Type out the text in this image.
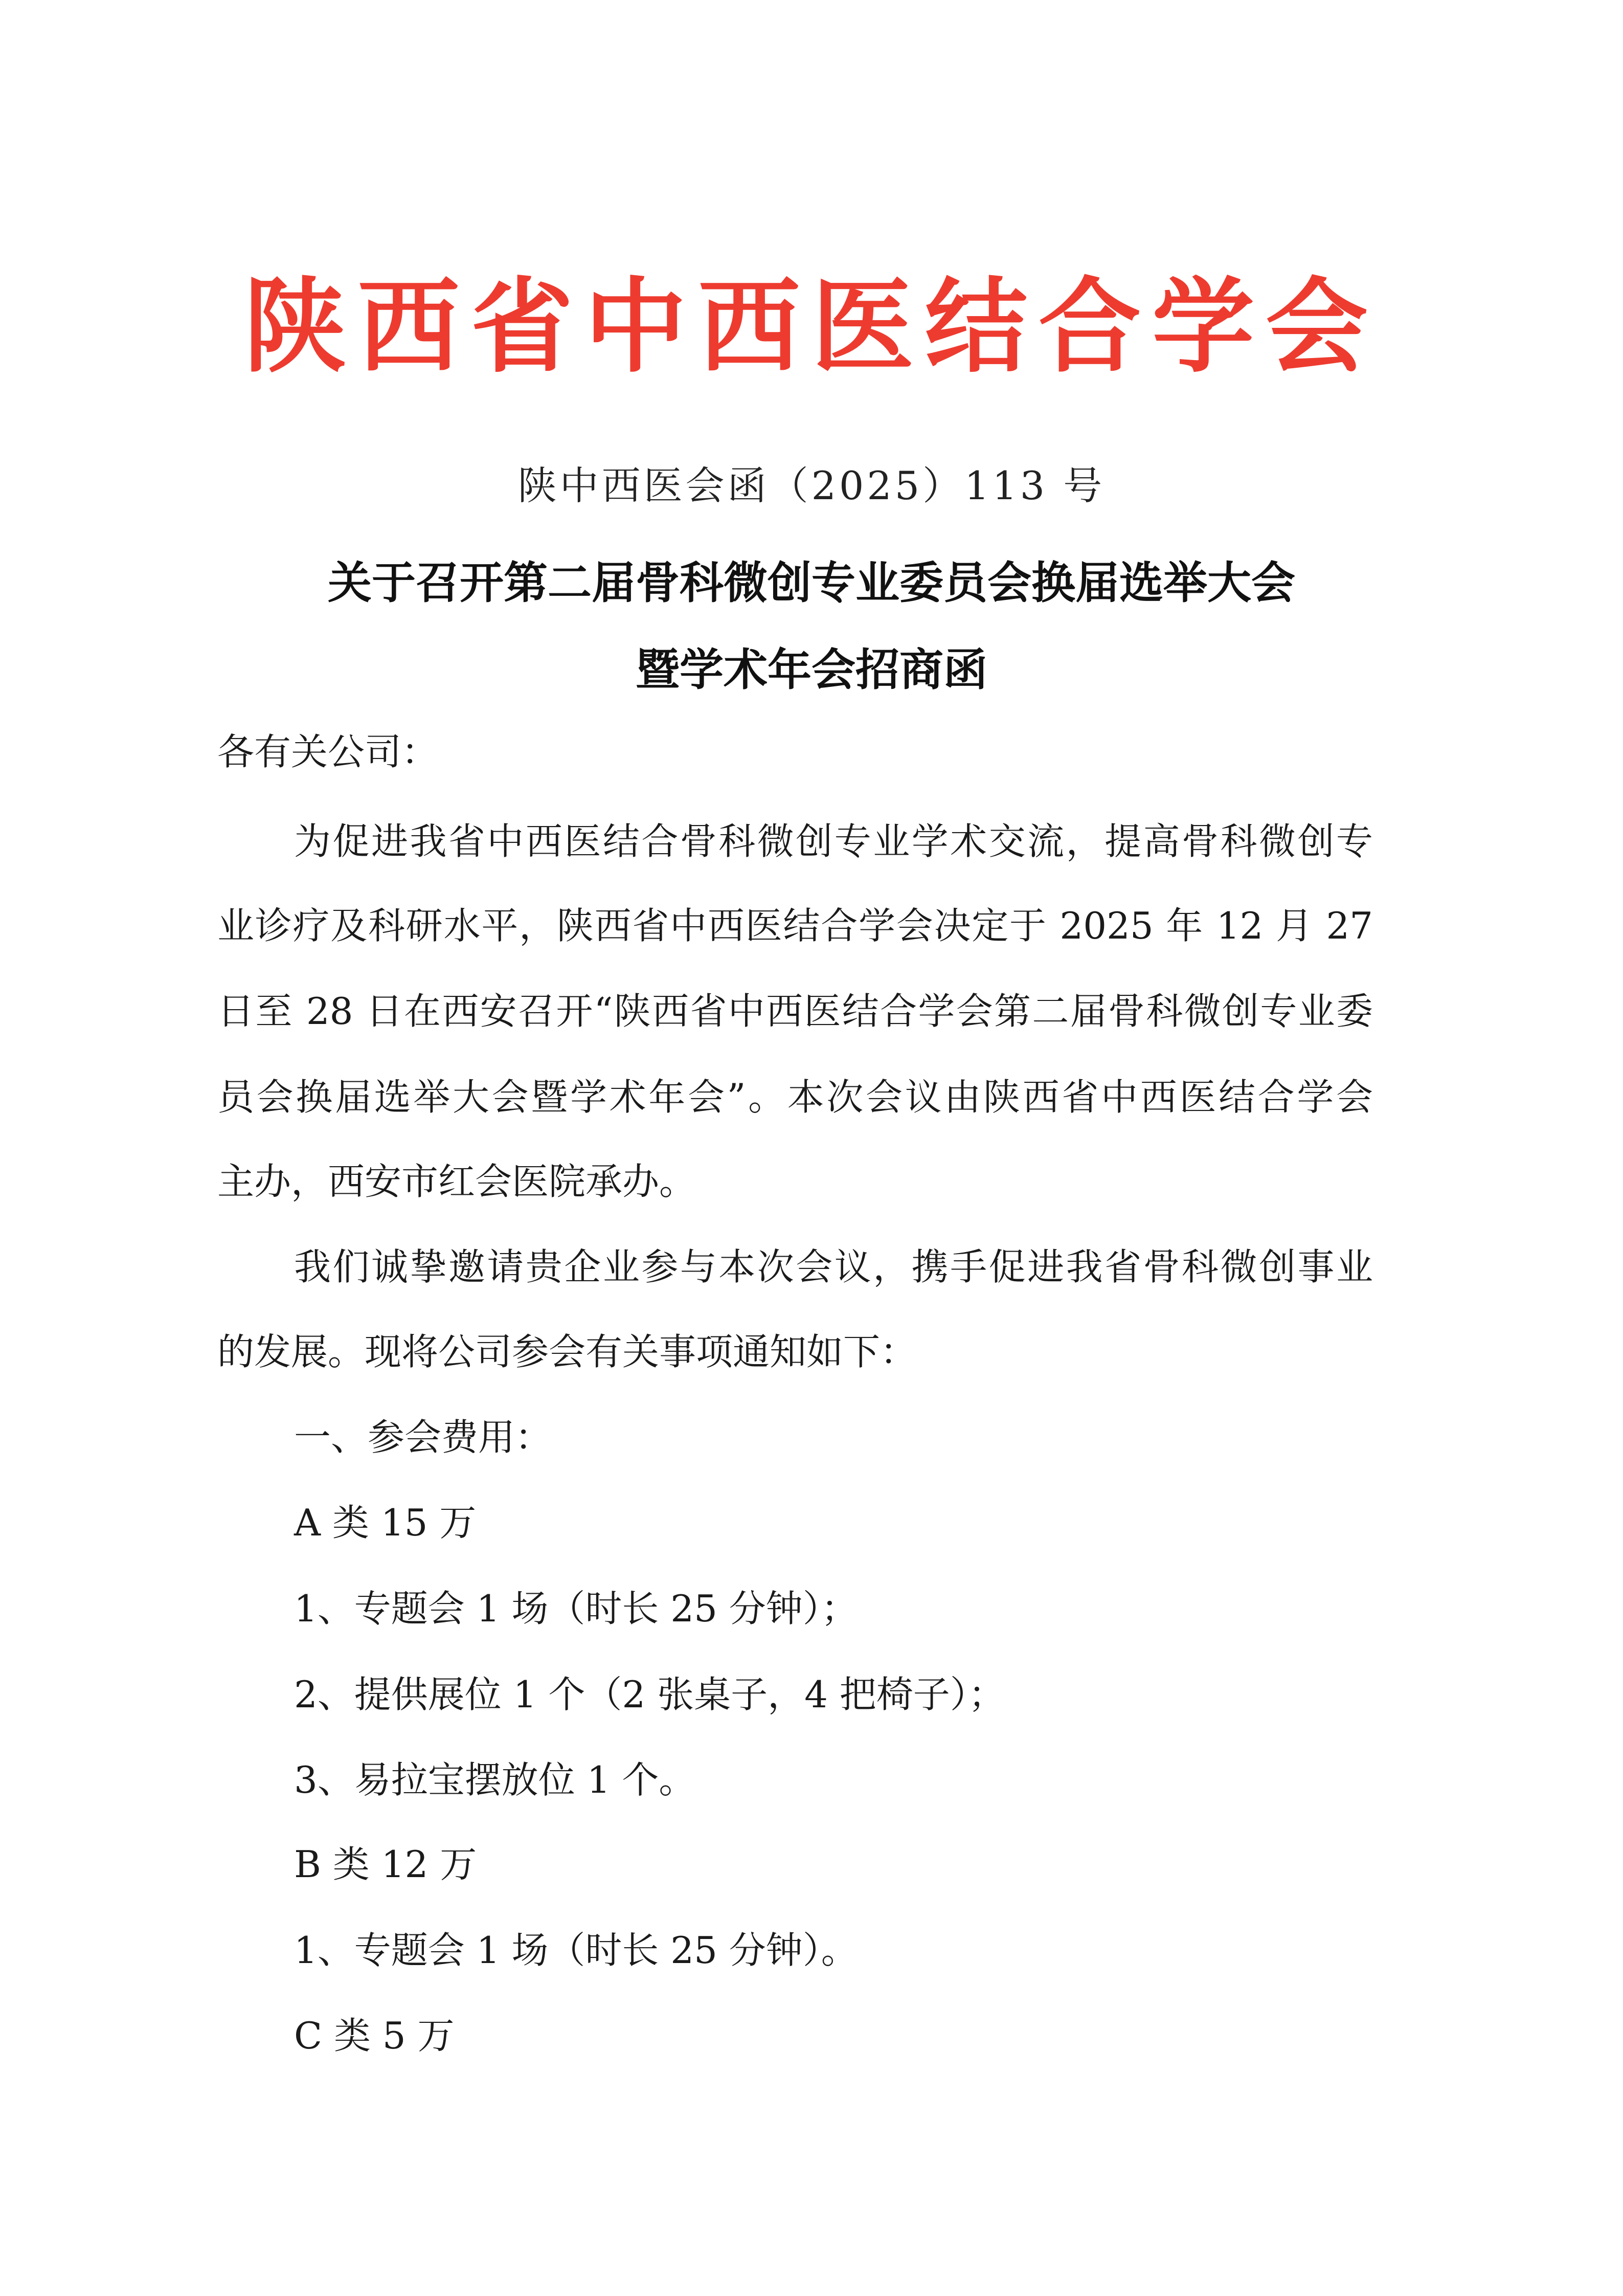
陕西省中西医结合学会
陕中西医会函（2025）113 号
关于召开第二届骨科微创专业委员会换届选举大会
暨学术年会招商函
各有关公司：
为促进我省中西医结合骨科微创专业学术交流，提高骨科微创专
业诊疗及科研水平，陕西省中西医结合学会决定于 2025 年 12 月 27
日至 28 日在西安召开“陕西省中西医结合学会第二届骨科微创专业委
员会换届选举大会暨学术年会”。本次会议由陕西省中西医结合学会
主办，西安市红会医院承办。
我们诚挚邀请贵企业参与本次会议，携手促进我省骨科微创事业
的发展。现将公司参会有关事项通知如下：
一、参会费用：
A 类 15 万
1、专题会 1 场（时长 25 分钟）；
2、提供展位 1 个（2 张桌子，4 把椅子）；
3、易拉宝摆放位 1 个。
B 类 12 万
1、专题会 1 场（时长 25 分钟）。
C 类 5 万
